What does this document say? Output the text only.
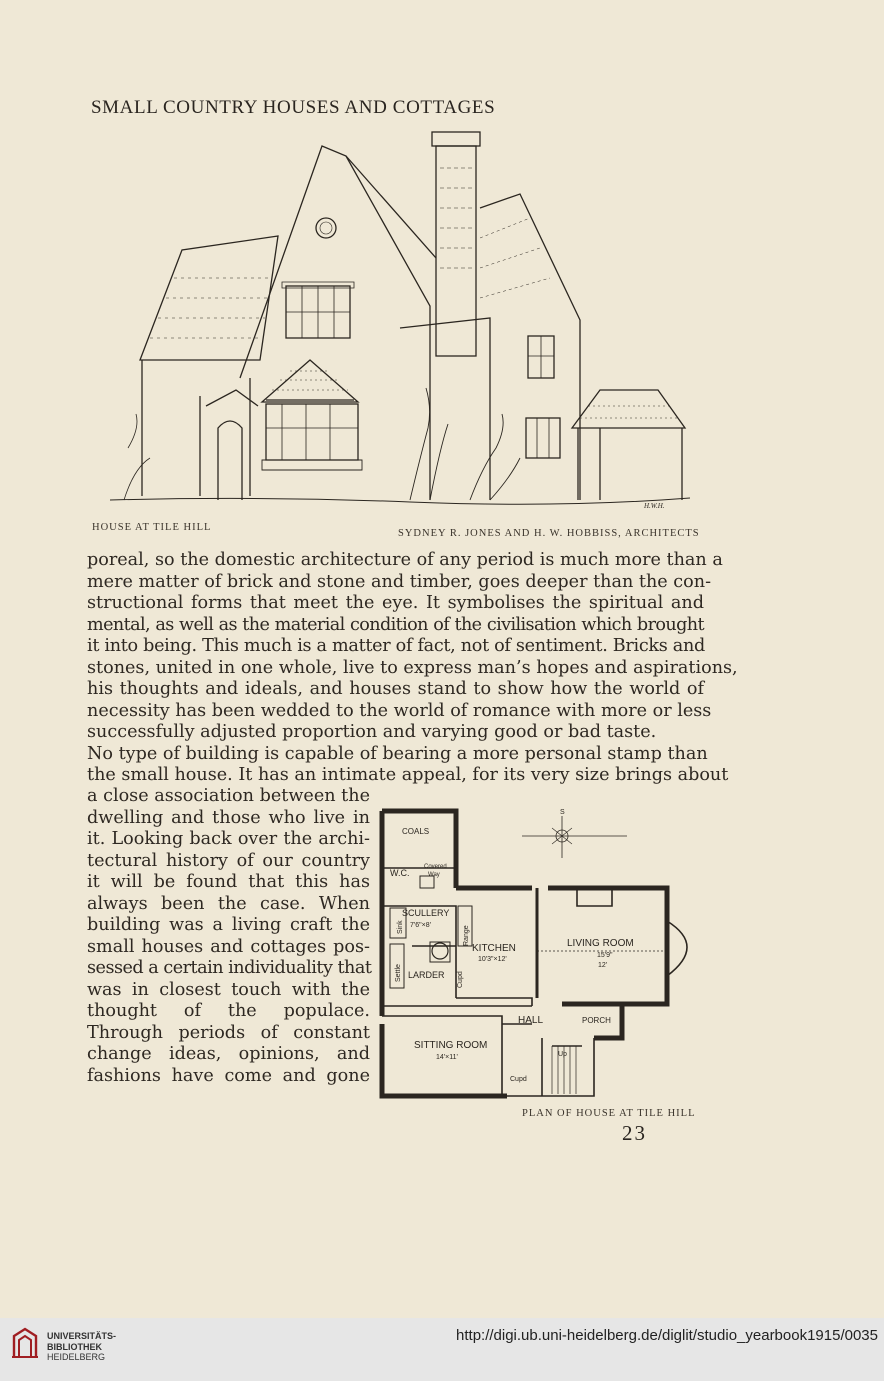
SMALL COUNTRY HOUSES AND COTTAGES
H.W.H.
HOUSE AT TILE HILL
SYDNEY R. JONES AND H. W. HOBBISS, ARCHITECTS
poreal, so the domestic architecture of any period is much more than a
mere matter of brick and stone and timber, goes deeper than the con-
structional forms that meet the eye. It symbolises the spiritual and
mental, as well as the material condition of the civilisation which brought
it into being. This much is a matter of fact, not of sentiment. Bricks and
stones, united in one whole, live to express man’s hopes and aspirations,
his thoughts and ideals, and houses stand to show how the world of
necessity has been wedded to the world of romance with more or less
successfully adjusted proportion and varying good or bad taste.
No type of building is capable of bearing a more personal stamp than
the small house. It has an intimate appeal, for its very size brings about
a close association between the
dwelling and those who live in
it. Looking back over the archi-
tectural history of our country
it will be found that this has
always been the case. When
building was a living craft the
small houses and cottages pos-
sessed a certain individuality that
was in closest touch with the
thought of the populace.
Through periods of constant
change ideas, opinions, and
fashions have come and gone
COALS
W.C.
Covered
Way
SCULLERY
7'6"×8'
Sink
Settle LARDER
Range
Cupd
KITCHEN
10'3"×12'
LIVING ROOM
15'9"
12'
HALL	PORCH
SITTING ROOM
14'×11'
Cupd
Up
S
PLAN OF HOUSE AT TILE HILL
23
UNIVERSITÄTS-
BIBLIOTHEK
HEIDELBERG
http://digi.ub.uni-heidelberg.de/diglit/studio_yearbook1915/0035
